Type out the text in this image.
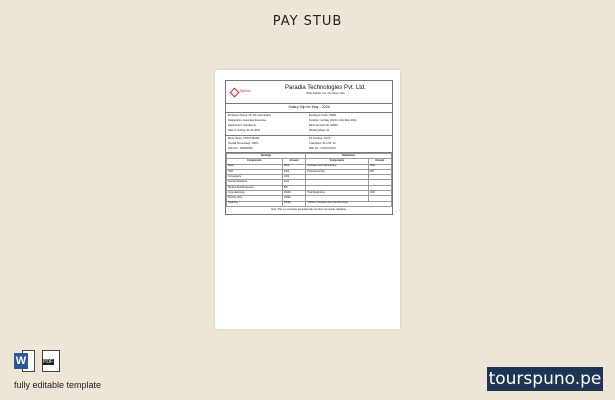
PAY STUB
Sphinx
Paradia Technologies Pvt. Ltd.
Office Address Line, City Name, India
Salary Slip for May - 2024
Employee Name: Mr. Rex Hernandez	Employee Code: 79000
Designation: Associate Executive	Duration: 1st May 2024 to 31st May 2024
Department: Operations	Bank Account No: 00000
Date of Joining: 01-01-2022	Working Days: 31
Bank Name: XXXXX BANK	PF Number: XXXX
Overall Percentage: 100%	Total Days: 31 LOP: 31
UAN No.: 100000000	PAN No.: XXXXXXXXX
Earnings		Deductions	
Components	Amount	Components	Amount
Basic	8000	Provident Fund (Employee)	1500
HRA	4000	Professional Tax	200
Conveyance	1600		
Special Allowance	1100		
Medical Reimbursement	500		
Gross Earnings	15200	Total Deductions	1700
Net Pay (Rs.)	13500		
Total Pay	13500	Thirteen Thousand Five Hundred Only	
Note: This is a computer generated slip and does not require signature.
W	PDF
fully editable template	tourspuno.pe
